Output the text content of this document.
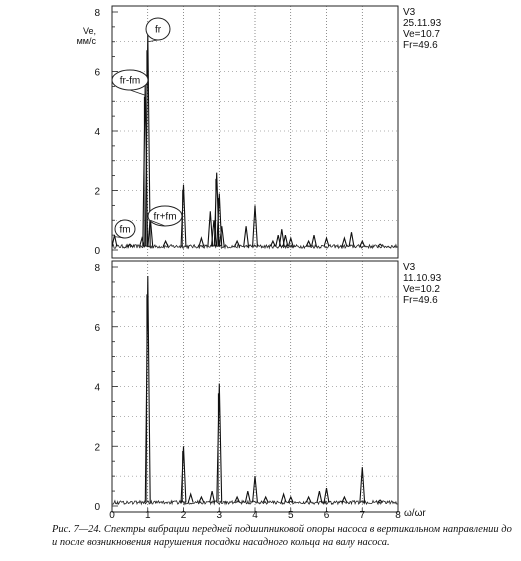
0
2
4
6
8	V3
25.11.93
Ve=10.7
Fr=49.6
Ve,
мм/с
fr
fr-fm
fr+fm
fm
0
2
4
6
8	V3
11.10.93
Ve=10.2
Fr=49.6
0	1	2	3	4	5	6	7	8 ω/ωr
Рис. 7—24. Спектры вибрации передней подшипниковой опоры насоса в вертикальном направлении до и после возникновения нарушения посадки насадного кольца на валу насоса.
